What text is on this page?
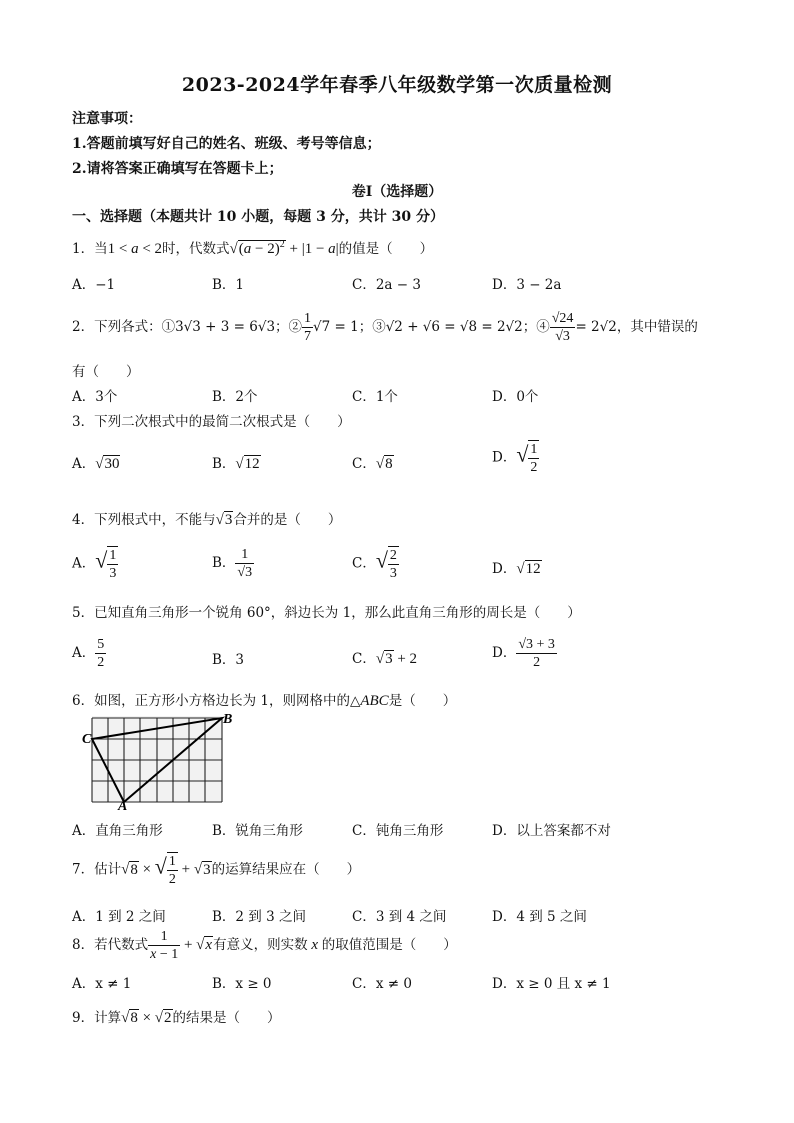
2023-2024学年春季八年级数学第一次质量检测
注意事项：
1.答题前填写好自己的姓名、班级、考号等信息；
2.请将答案正确填写在答题卡上；
卷I（选择题）
一、选择题（本题共计 10 小题，每题 3 分，共计 30 分）
1．当1 < a < 2时，代数式$√(a - 2)^2 + |1 - a|$的值是（　　）
A．−1	B．1	C．2a − 3	D．3 − 2a
2．下列各式：①3√3 + 3 = 6√3；② $\frac{1}{7} √7 = 1$；③√2 + √6 = √8 = 2√2；④ $\frac{√24}{√3} = 2√2$，其中错误的
有（　　）
A．3个	B．2个	C．1个	D．0个
3．下列二次根式中的最简二次根式是（　　）
A．√30	B．√12	C．√8	D．√ $\frac{1}{2}$
4．下列根式中，不能与√3合并的是（　　）
A．√ $\frac{1}{3}$	B． $\frac{1}{√3}$	C．√ $\frac{2}{3}$	D．√12
5．已知直角三角形一个锐角 60°，斜边长为 1，那么此直角三角形的周长是（　　）
A． $\frac{5}{2}$	B．3	C．√3 + 2	D． $\frac{√3 + 3}{2}$
6．如图，正方形小方格边长为 1，则网格中的△ABC是（　　）
C
B
A
A．直角三角形	B．锐角三角形	C．钝角三角形	D．以上答案都不对
7．估计√8 × √ $\frac{1}{2} + √3$的运算结果应在（　　）
A．1 到 2 之间	B．2 到 3 之间	C．3 到 4 之间	D．4 到 5 之间
8．若代数式 $\frac{1}{x - 1} + √x$有意义，则实数 x 的取值范围是（　　）
A．x ≠ 1	B．x ≥ 0	C．x ≠ 0	D．x ≥ 0 且 x ≠ 1
9．计算√8 × √2的结果是（　　）
